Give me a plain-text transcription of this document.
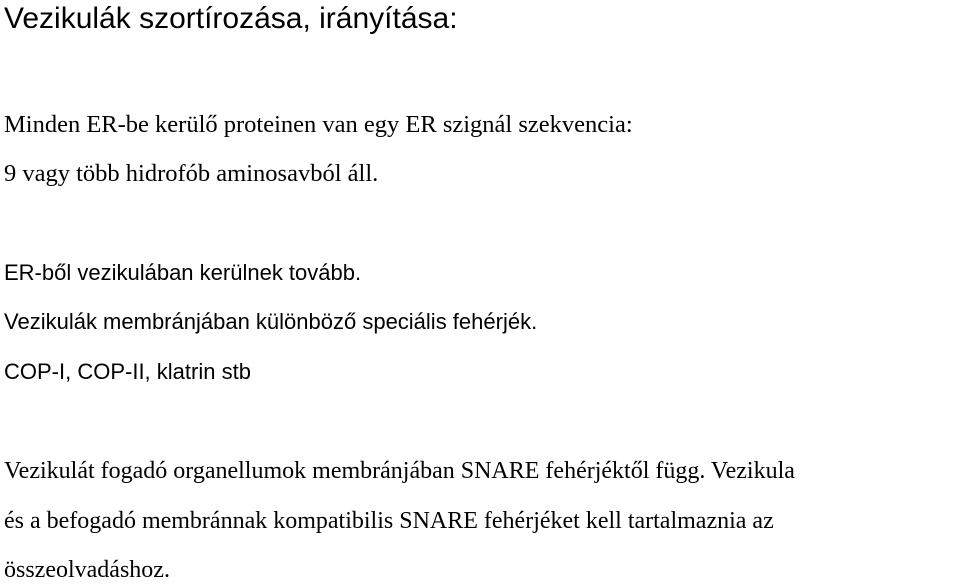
Vezikulák szortírozása, irányítása:

Minden ER-be kerülő proteinen van egy ER szignál szekvencia:

9 vagy több hidrofób aminosavból áll.

ER-ből vezikulában kerülnek tovább.

Vezikulák membránjában különböző speciális fehérjék.

COP-I, COP-II, klatrin stb

Vezikulát fogadó organellumok membránjában SNARE fehérjéktől függ. Vezikula

és a befogadó membránnak kompatibilis SNARE fehérjéket kell tartalmaznia az

összeolvadáshoz.
